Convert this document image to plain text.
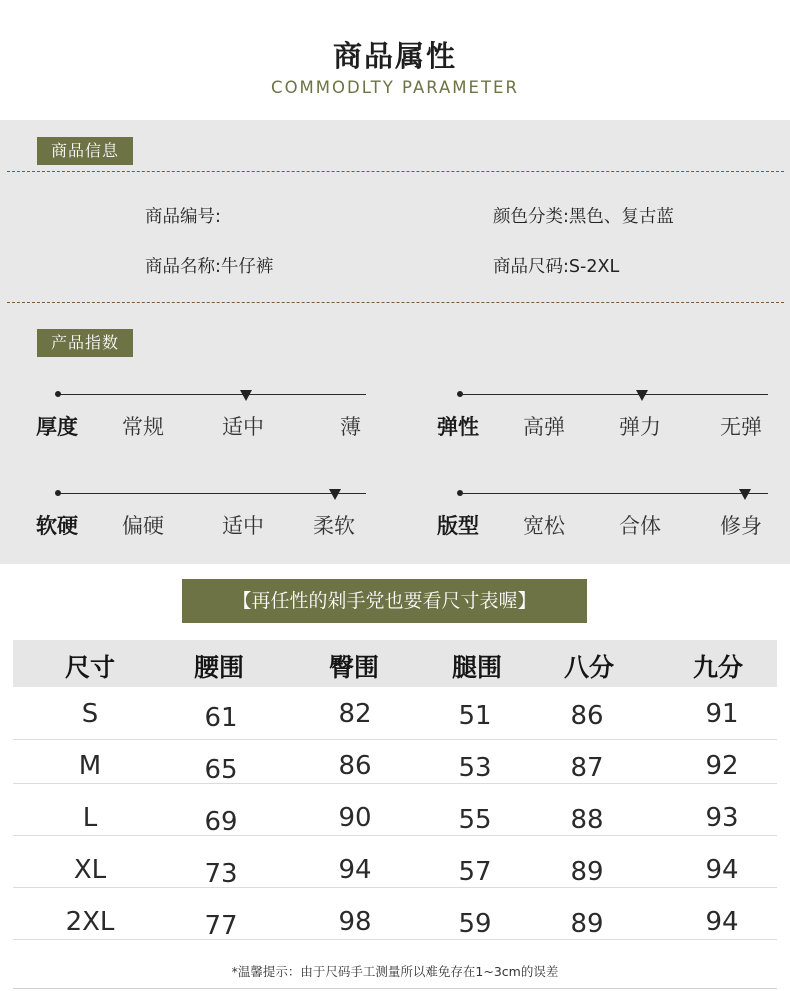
商品属性
COMMODLTY PARAMETER
商品信息
商品编号:
商品名称:牛仔裤
颜色分类:黑色、复古蓝
商品尺码:S-2XL
产品指数
厚度 常规	适中	薄	弹性 高弹	弹力	无弹
软硬 偏硬	适中 柔软	版型 宽松	合体	修身
【再任性的剁手党也要看尺寸表喔】
尺寸	腰围	臀围	腿围	八分	九分
S	61	82	51	86	91
M	65	86	53	87	92
L	69	90	55	88	93
XL	73	94	57	89	94
2XL	77	98	59	89	94
*温馨提示：由于尺码手工测量所以难免存在1~3cm的误差
